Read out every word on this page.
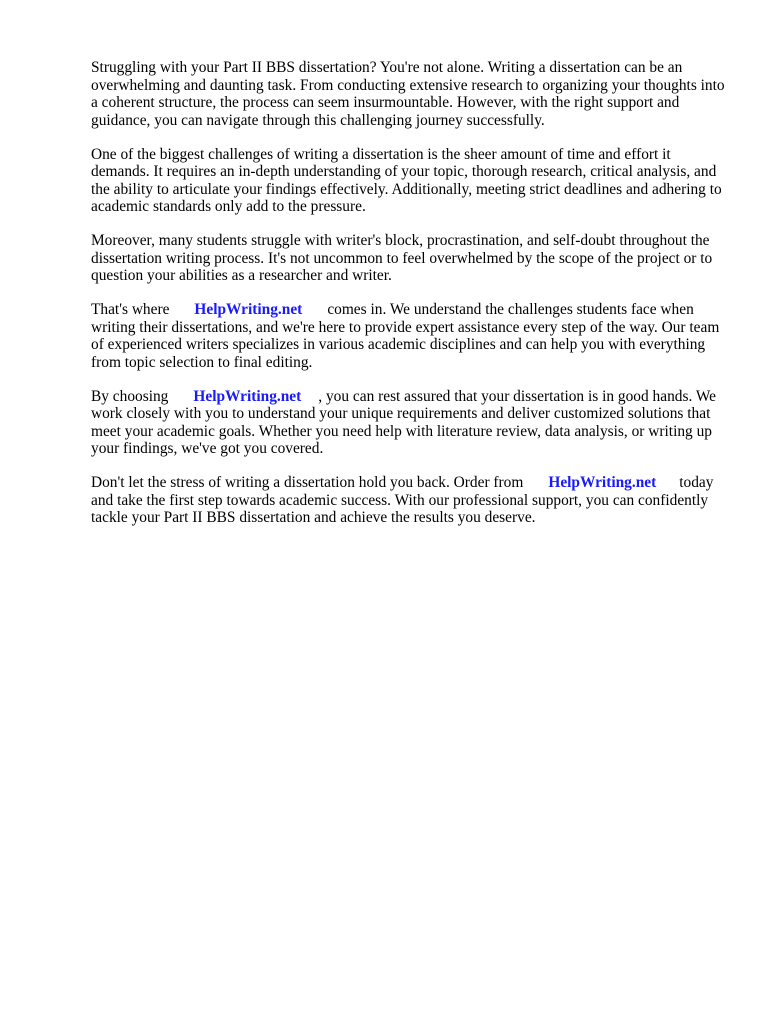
Struggling with your Part II BBS dissertation? You're not alone. Writing a dissertation can be an overwhelming and daunting task. From conducting extensive research to organizing your thoughts into a coherent structure, the process can seem insurmountable. However, with the right support and guidance, you can navigate through this challenging journey successfully.

One of the biggest challenges of writing a dissertation is the sheer amount of time and effort it demands. It requires an in-depth understanding of your topic, thorough research, critical analysis, and the ability to articulate your findings effectively. Additionally, meeting strict deadlines and adhering to academic standards only add to the pressure.

Moreover, many students struggle with writer's block, procrastination, and self-doubt throughout the dissertation writing process. It's not uncommon to feel overwhelmed by the scope of the project or to question your abilities as a researcher and writer.

That's where HelpWriting.net comes in. We understand the challenges students face when writing their dissertations, and we're here to provide expert assistance every step of the way. Our team of experienced writers specializes in various academic disciplines and can help you with everything from topic selection to final editing.

By choosing HelpWriting.net , you can rest assured that your dissertation is in good hands. We work closely with you to understand your unique requirements and deliver customized solutions that meet your academic goals. Whether you need help with literature review, data analysis, or writing up your findings, we've got you covered.

Don't let the stress of writing a dissertation hold you back. Order from HelpWriting.net today and take the first step towards academic success. With our professional support, you can confidently tackle your Part II BBS dissertation and achieve the results you deserve.
